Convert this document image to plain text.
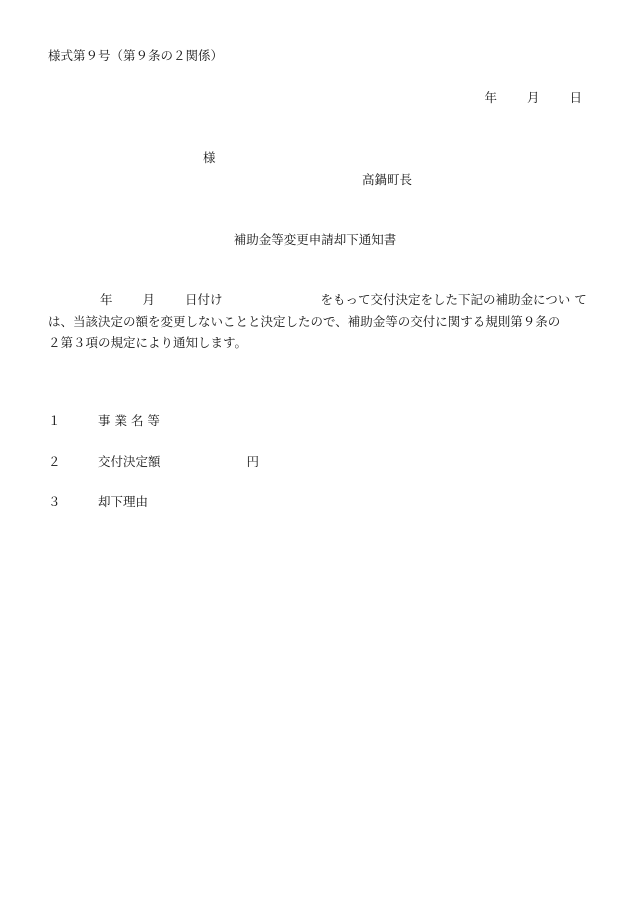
様式第９号（第９条の２関係）
年 月 日
様
高鍋町長
補助金等変更申請却下通知書
年 月 日付け	をもって交付決定をした下記の補助金につい て
は、当該決定の額を変更しないことと決定したので、補助金等の交付に関する規則第９条の
２第３項の規定により通知します。
１	事 業 名 等
２	交付決定額	円
３	却下理由
